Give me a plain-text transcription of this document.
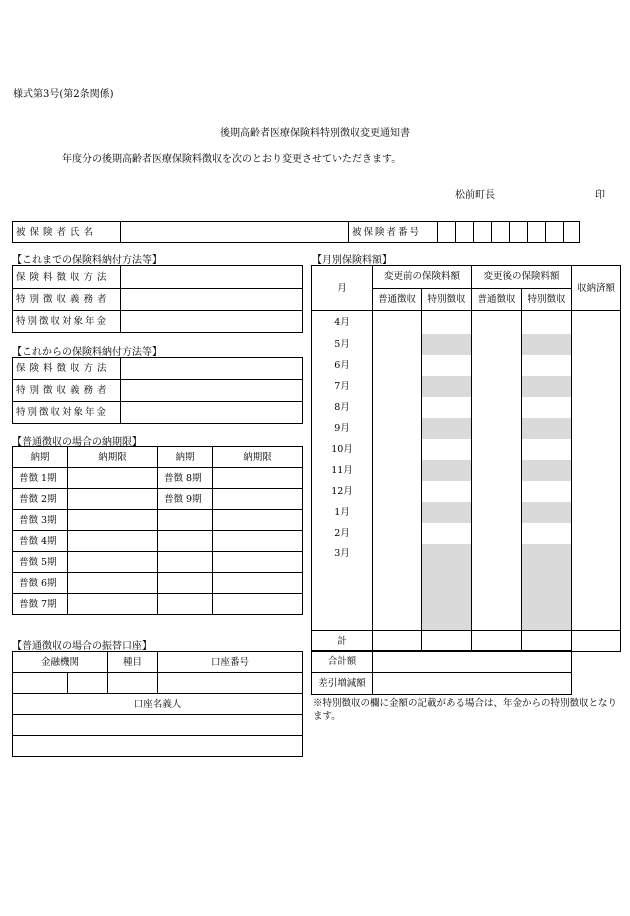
様式第3号(第2条関係)
後期高齢者医療保険料特別徴収変更通知書
年度分の後期高齢者医療保険料徴収を次のとおり変更させていただきます。
松前町長	印
被保険者氏名		被保険者番号								
【これまでの保険料納付方法等】
保険料徴収方法	
特別徴収義務者	
特別徴収対象年金	
【これからの保険料納付方法等】
保険料徴収方法	
特別徴収義務者	
特別徴収対象年金	
【普通徴収の場合の納期限】
納期	納期限	納期	納期限
普徴 1期		普徴 8期	
普徴 2期		普徴 9期	
普徴 3期			
普徴 4期			
普徴 5期			
普徴 6期			
普徴 7期			
【普通徴収の場合の振替口座】
金融機関		種目	口座番号

口座名義人			

【月別保険料額】
月	変更前の保険料額		変更後の保険料額		収納済額
	普通徴収	特別徴収	普通徴収	特別徴収	
4月					
5月					
6月					
7月					
8月					
9月					
10月					
11月					
12月					
1月					
2月					
3月					
計					
合計額	
差引増減額	
※特別徴収の欄に金額の記載がある場合は、年金からの特別徴収となります。
